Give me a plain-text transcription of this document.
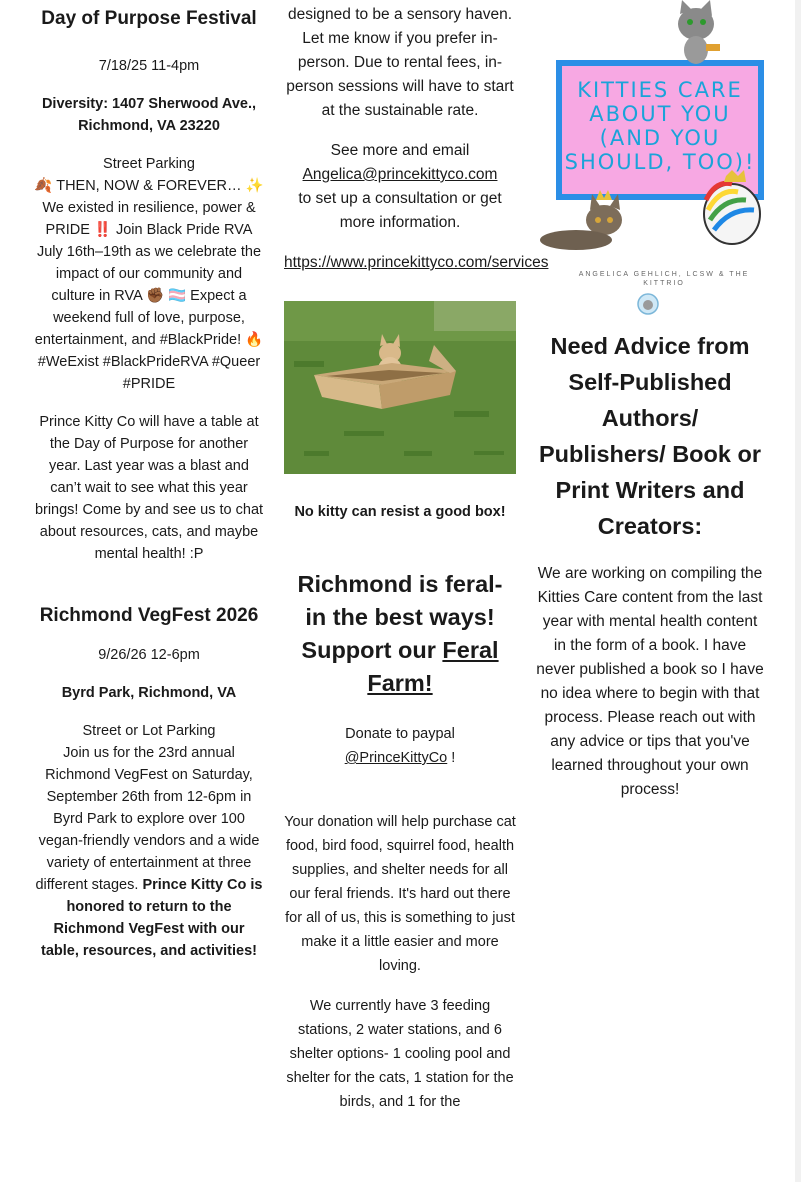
Day of Purpose Festival

7/18/25 11-4pm

Diversity: 1407 Sherwood Ave., Richmond, VA 23220

Street Parking

🍂 THEN, NOW & FOREVER… ✨ We existed in resilience, power & PRIDE ‼️ Join Black Pride RVA July 16th–19th as we celebrate the impact of our community and culture in RVA ✊🏾 🏳️‍⚧️ Expect a weekend full of love, purpose, entertainment, and #BlackPride! 🔥 #WeExist #BlackPrideRVA #Queer #PRIDE

Prince Kitty Co will have a table at the Day of Purpose for another year. Last year was a blast and can’t wait to see what this year brings! Come by and see us to chat about resources, cats, and maybe mental health! :P

Richmond VegFest 2026

9/26/26 12-6pm

Byrd Park, Richmond, VA

Street or Lot Parking

Join us for the 23rd annual Richmond VegFest on Saturday, September 26th from 12-6pm in Byrd Park to explore over 100 vegan-friendly vendors and a wide variety of entertainment at three different stages. Prince Kitty Co is honored to return to the Richmond VegFest with our table, resources, and activities!

designed to be a sensory haven. Let me know if you prefer in-person. Due to rental fees, in-person sessions will have to start at the sustainable rate.

See more and email
Angelica@princekittyco.com
to set up a consultation or get more information.

https://www.princekittyco.com/services

No kitty can resist a good box!

Richmond is feral- in the best ways! Support our Feral Farm!

Donate to paypal
@PrinceKittyCo !

Your donation will help purchase cat food, bird food, squirrel food, health supplies, and shelter needs for all our feral friends. It's hard out there for all of us, this is something to just make it a little easier and more loving.

We currently have 3 feeding stations, 2 water stations, and 6 shelter options- 1 cooling pool and shelter for the cats, 1 station for the birds, and 1 for the

KITTIES CARE ABOUT YOU (AND YOU SHOULD, TOO)!
ANGELICA GEHLICH, LCSW & THE KITTRIO
Need Advice from Self-Published Authors/ Publishers/ Book or Print Writers and Creators:

We are working on compiling the Kitties Care content from the last year with mental health content in the form of a book. I have never published a book so I have no idea where to begin with that process. Please reach out with any advice or tips that you've learned throughout your own process!
